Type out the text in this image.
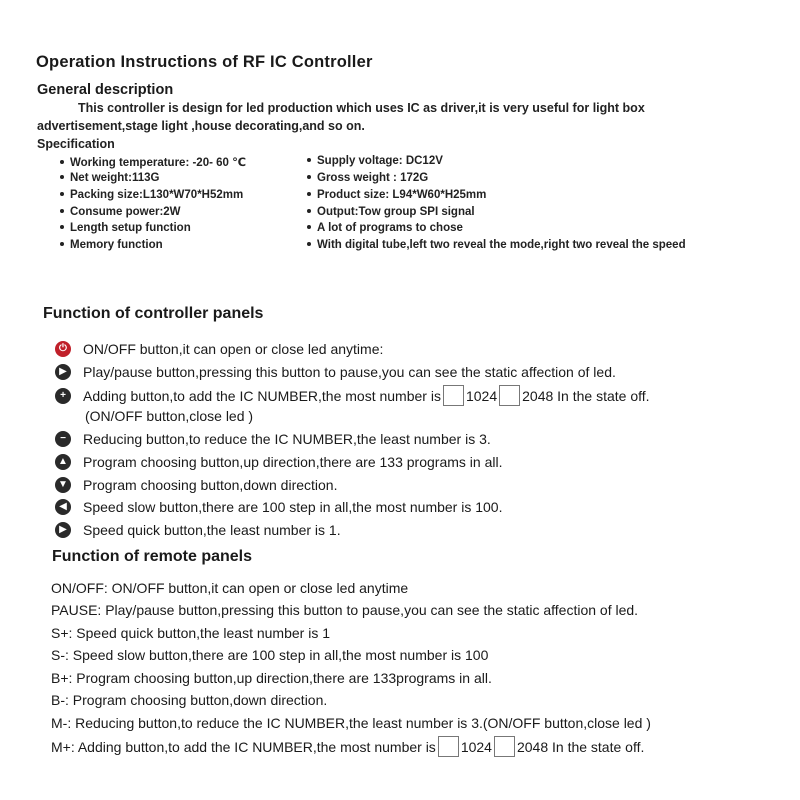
Operation Instructions of RF IC Controller
General description
This controller is design for led production which uses IC as driver,it is very useful for light box
advertisement,stage light ,house decorating,and so on.
Specification
Working temperature: -20- 60 ℃
Net weight:113G
Packing size:L130*W70*H52mm
Consume power:2W
Length setup function
Memory function
Supply voltage: DC12V
Gross weight : 172G
Product size: L94*W60*H25mm
Output:Tow group SPI signal
A lot of programs to chose
With digital tube,left two reveal the mode,right two reveal the speed
Function of controller panels
⏻ ON/OFF button,it can open or close led anytime:
▶ Play/pause button,pressing this button to pause,you can see the static affection of led.
+	Adding button,to add the IC NUMBER,the most number is 1024 2048 In the state off.
(ON/OFF button,close led )
−	Reducing button,to reduce the IC NUMBER,the least number is 3.
▲ Program choosing button,up direction,there are 133 programs in all.
▼ Program choosing button,down direction.
◀ Speed slow button,there are 100 step in all,the most number is 100.
▶ Speed quick button,the least number is 1.
Function of remote panels
ON/OFF: ON/OFF button,it can open or close led anytime
PAUSE: Play/pause button,pressing this button to pause,you can see the static affection of led.
S+: Speed quick button,the least number is 1
S-: Speed slow button,there are 100 step in all,the most number is 100
B+: Program choosing button,up direction,there are 133programs in all.
B-: Program choosing button,down direction.
M-: Reducing button,to reduce the IC NUMBER,the least number is 3.(ON/OFF button,close led )
M+: Adding button,to add the IC NUMBER,the most number is 1024 2048 In the state off.
